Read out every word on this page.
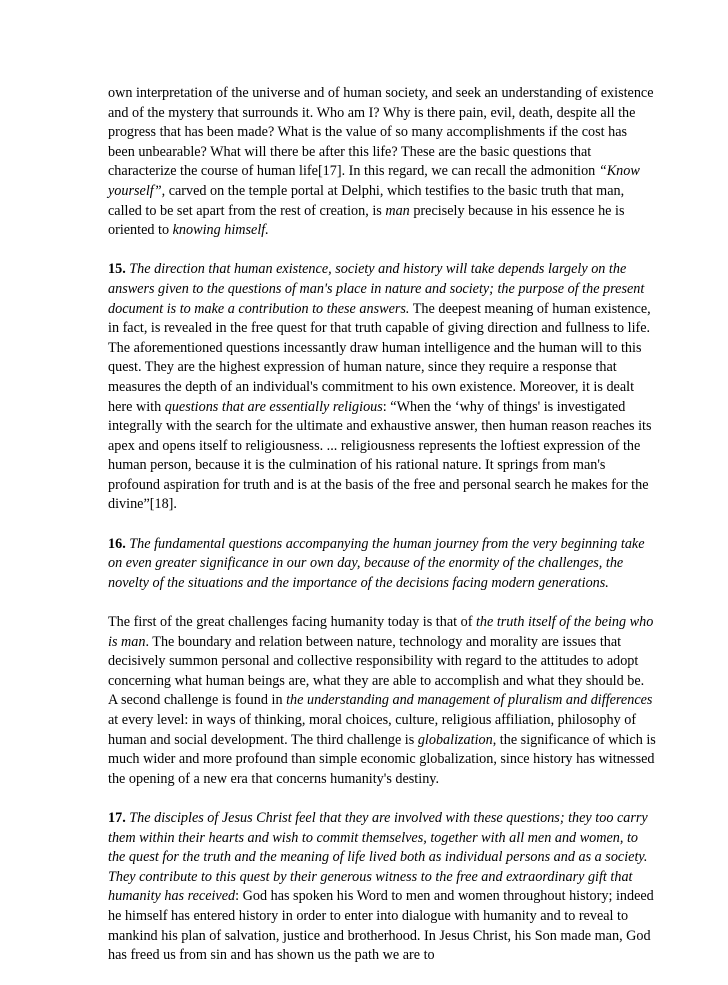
own interpretation of the universe and of human society, and seek an understanding of existence and of the mystery that surrounds it. Who am I? Why is there pain, evil, death, despite all the progress that has been made? What is the value of so many accomplishments if the cost has been unbearable? What will there be after this life? These are the basic questions that characterize the course of human life[17]. In this regard, we can recall the admonition “Know yourself”, carved on the temple portal at Delphi, which testifies to the basic truth that man, called to be set apart from the rest of creation, is man precisely because in his essence he is oriented to knowing himself.

15. The direction that human existence, society and history will take depends largely on the answers given to the questions of man's place in nature and society; the purpose of the present document is to make a contribution to these answers. The deepest meaning of human existence, in fact, is revealed in the free quest for that truth capable of giving direction and fullness to life. The aforementioned questions incessantly draw human intelligence and the human will to this quest. They are the highest expression of human nature, since they require a response that measures the depth of an individual's commitment to his own existence. Moreover, it is dealt here with questions that are essentially religious: “When the ‘why of things' is investigated integrally with the search for the ultimate and exhaustive answer, then human reason reaches its apex and opens itself to religiousness. ... religiousness represents the loftiest expression of the human person, because it is the culmination of his rational nature. It springs from man's profound aspiration for truth and is at the basis of the free and personal search he makes for the divine”[18].

16. The fundamental questions accompanying the human journey from the very beginning take on even greater significance in our own day, because of the enormity of the challenges, the novelty of the situations and the importance of the decisions facing modern generations.

The first of the great challenges facing humanity today is that of the truth itself of the being who is man. The boundary and relation between nature, technology and morality are issues that decisively summon personal and collective responsibility with regard to the attitudes to adopt concerning what human beings are, what they are able to accomplish and what they should be. A second challenge is found in the understanding and management of pluralism and differences at every level: in ways of thinking, moral choices, culture, religious affiliation, philosophy of human and social development. The third challenge is globalization, the significance of which is much wider and more profound than simple economic globalization, since history has witnessed the opening of a new era that concerns humanity's destiny.

17. The disciples of Jesus Christ feel that they are involved with these questions; they too carry them within their hearts and wish to commit themselves, together with all men and women, to the quest for the truth and the meaning of life lived both as individual persons and as a society. They contribute to this quest by their generous witness to the free and extraordinary gift that humanity has received: God has spoken his Word to men and women throughout history; indeed he himself has entered history in order to enter into dialogue with humanity and to reveal to mankind his plan of salvation, justice and brotherhood. In Jesus Christ, his Son made man, God has freed us from sin and has shown us the path we are to
